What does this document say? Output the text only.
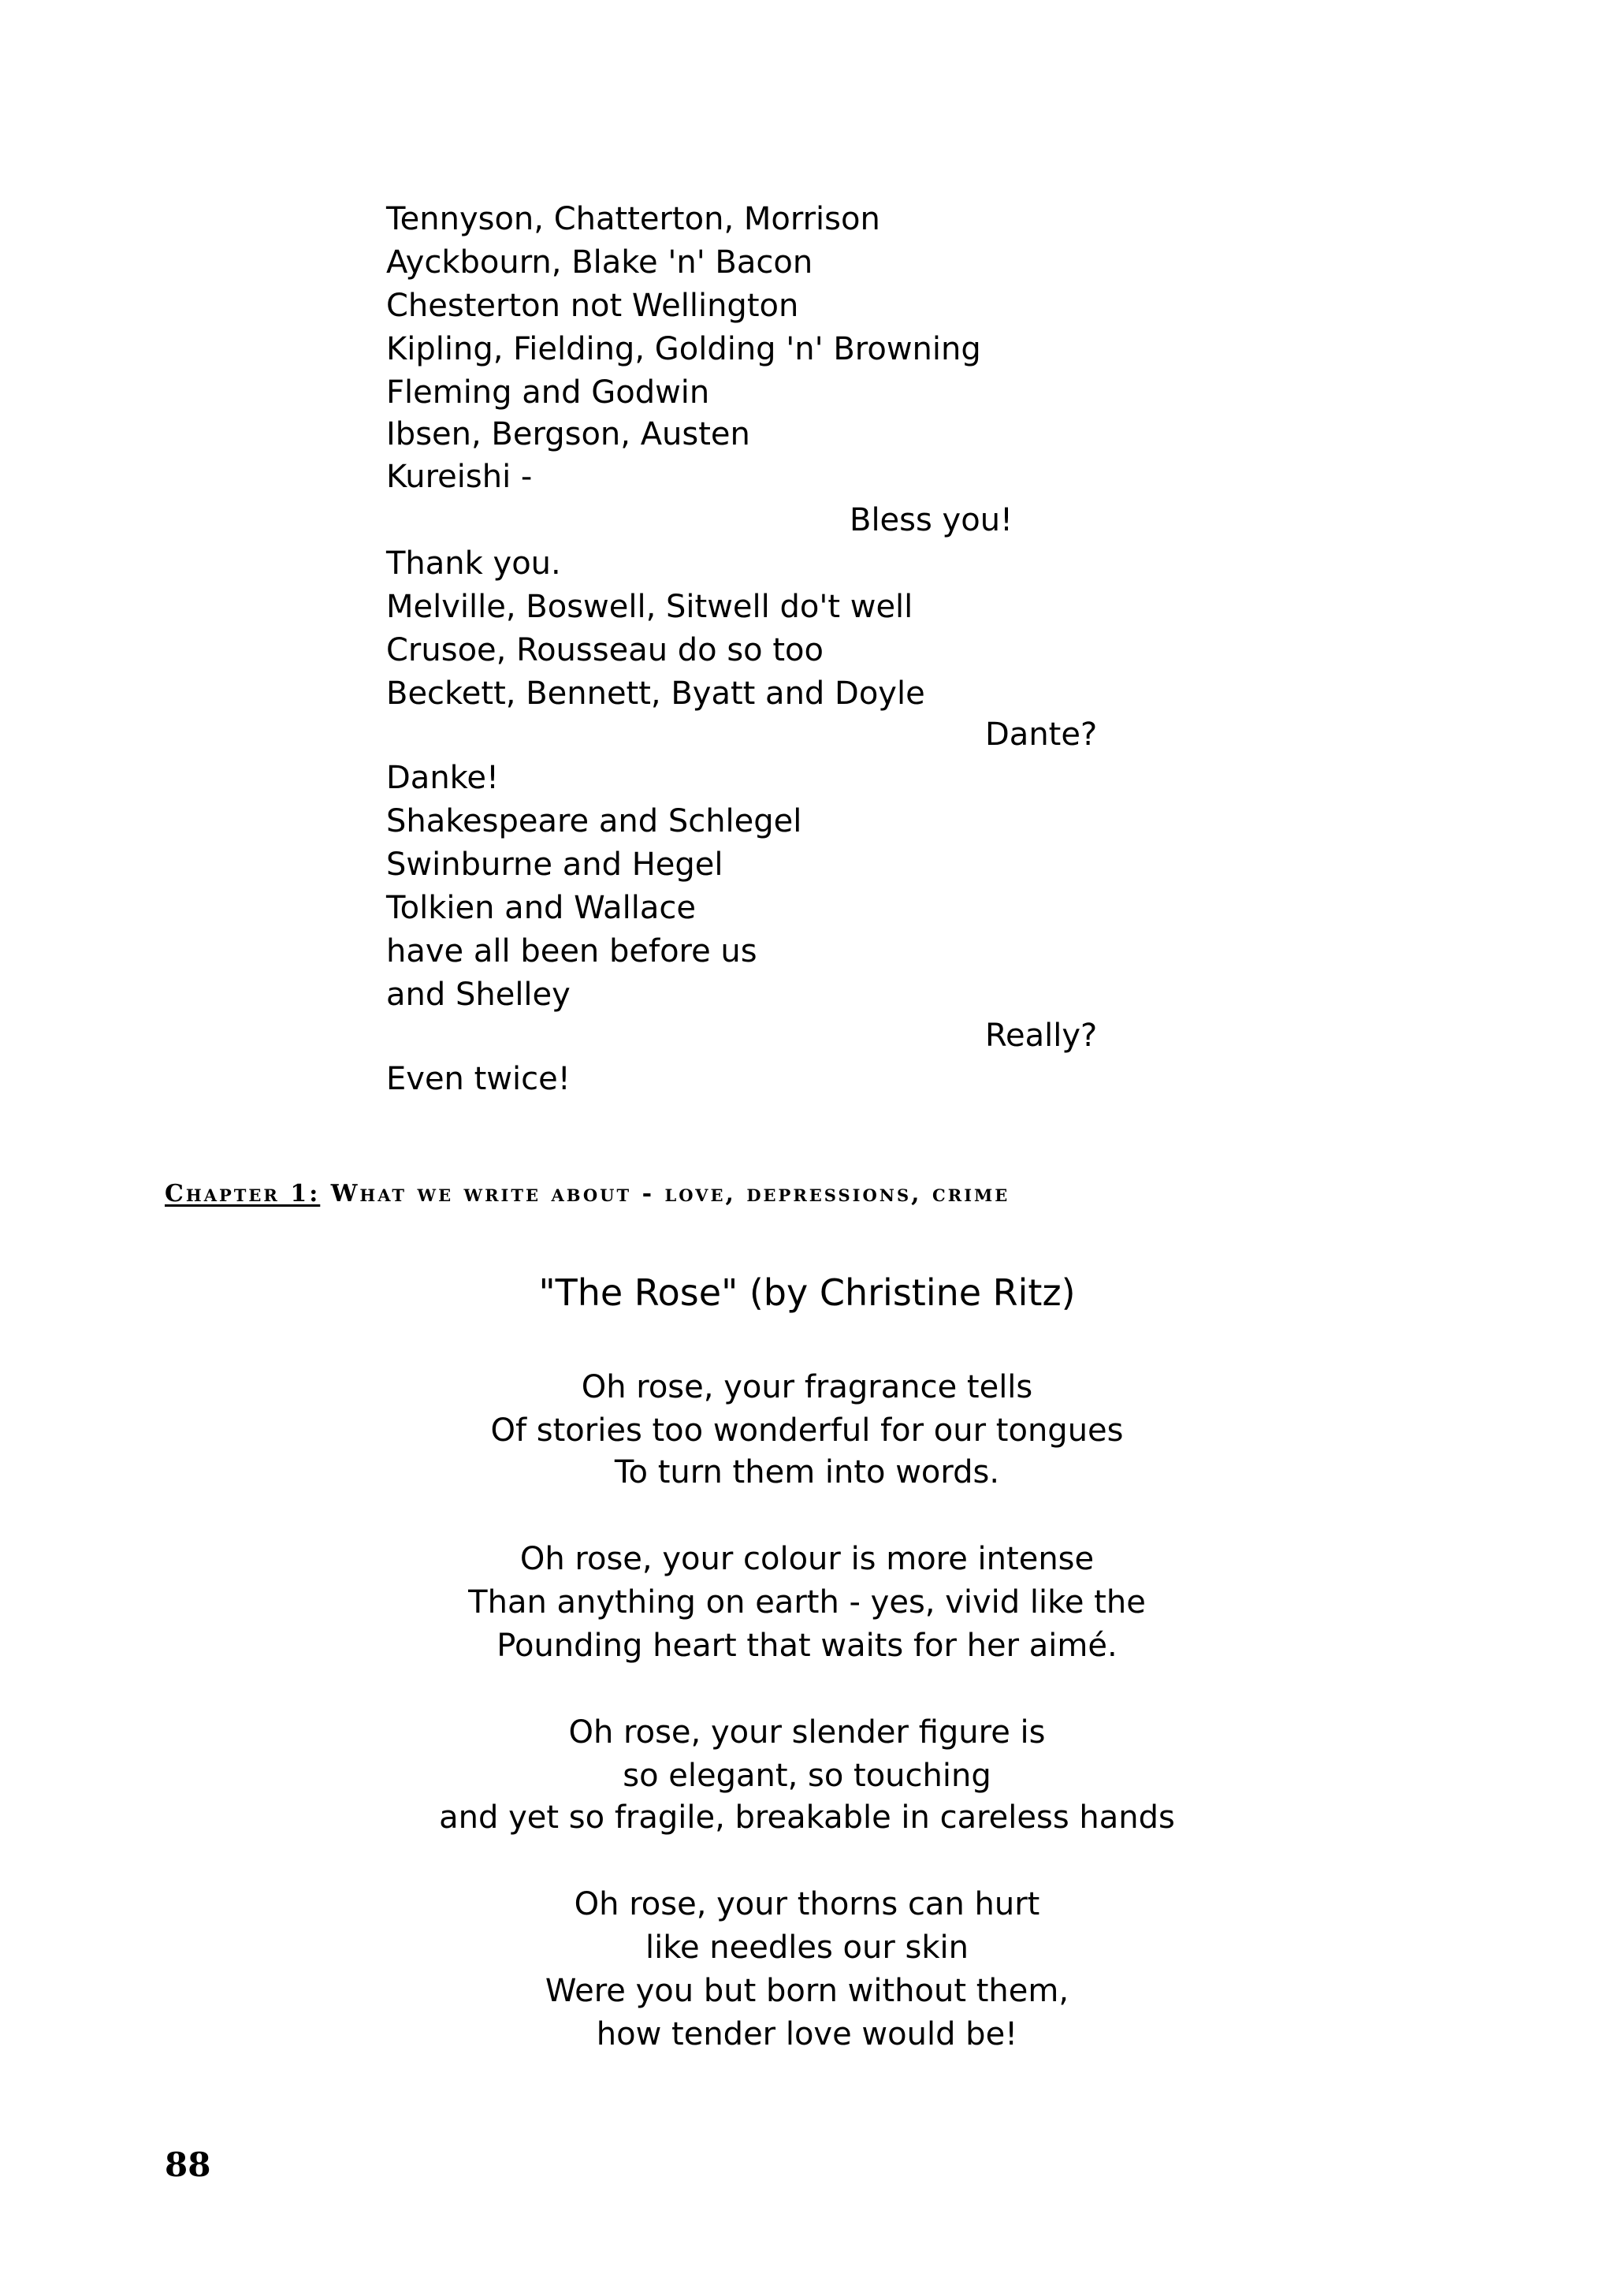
Tennyson, Chatterton, Morrison
Ayckbourn, Blake 'n' Bacon
Chesterton not Wellington
Kipling, Fielding, Golding 'n' Browning
Fleming and Godwin
Ibsen, Bergson, Austen
Kureishi -
Bless you!
Thank you.
Melville, Boswell, Sitwell do't well
Crusoe, Rousseau do so too
Beckett, Bennett, Byatt and Doyle
Dante?
Danke!
Shakespeare and Schlegel
Swinburne and Hegel
Tolkien and Wallace
have all been before us
and Shelley
Really?
Even twice!
Chapter 1: What we write about - love, depressions, crime
"The Rose" (by Christine Ritz)
Oh rose, your fragrance tells
Of stories too wonderful for our tongues
To turn them into words.
Oh rose, your colour is more intense
Than anything on earth - yes, vivid like the
Pounding heart that waits for her aimé.
Oh rose, your slender figure is
so elegant, so touching
and yet so fragile, breakable in careless hands
Oh rose, your thorns can hurt
like needles our skin
Were you but born without them,
how tender love would be!
88
